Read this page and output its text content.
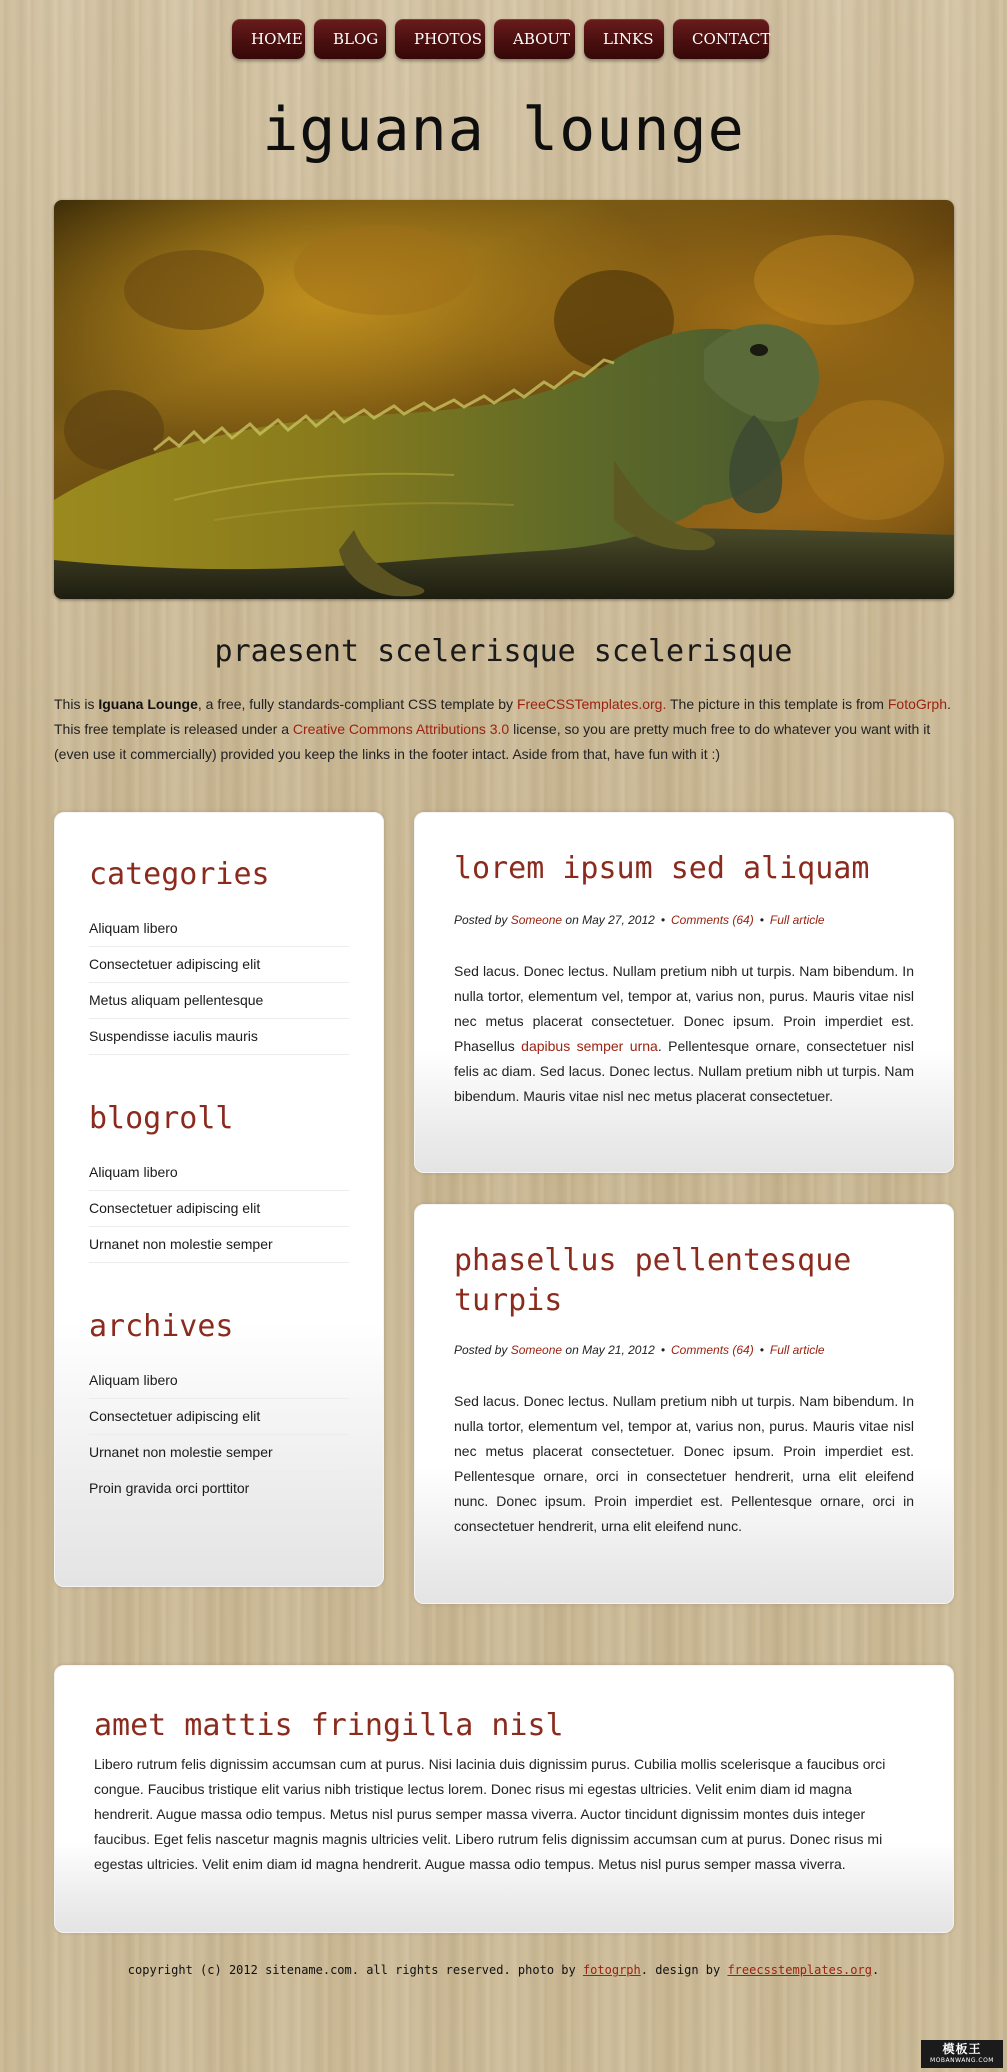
HOME	BLOG	PHOTOS	ABOUT	LINKS	CONTACT
iguana lounge
praesent scelerisque scelerisque
This is Iguana Lounge, a free, fully standards-compliant CSS template by FreeCSSTemplates.org. The picture in this template is from FotoGrph. This free template is released under a Creative Commons Attributions 3.0 license, so you are pretty much free to do whatever you want with it (even use it commercially) provided you keep the links in the footer intact. Aside from that, have fun with it :)
categories
Aliquam libero
Consectetuer adipiscing elit
Metus aliquam pellentesque
Suspendisse iaculis mauris
blogroll
Aliquam libero
Consectetuer adipiscing elit
Urnanet non molestie semper
archives
Aliquam libero
Consectetuer adipiscing elit
Urnanet non molestie semper
Proin gravida orci porttitor
lorem ipsum sed aliquam
Posted by Someone on May 27, 2012 • Comments (64) • Full article
Sed lacus. Donec lectus. Nullam pretium nibh ut turpis. Nam bibendum. In nulla tortor, elementum vel, tempor at, varius non, purus. Mauris vitae nisl nec metus placerat consectetuer. Donec ipsum. Proin imperdiet est. Phasellus dapibus semper urna. Pellentesque ornare, consectetuer nisl felis ac diam. Sed lacus. Donec lectus. Nullam pretium nibh ut turpis. Nam bibendum. Mauris vitae nisl nec metus placerat consectetuer.
phasellus pellentesque turpis
Posted by Someone on May 21, 2012 • Comments (64) • Full article
Sed lacus. Donec lectus. Nullam pretium nibh ut turpis. Nam bibendum. In nulla tortor, elementum vel, tempor at, varius non, purus. Mauris vitae nisl nec metus placerat consectetuer. Donec ipsum. Proin imperdiet est. Pellentesque ornare, orci in consectetuer hendrerit, urna elit eleifend nunc. Donec ipsum. Proin imperdiet est. Pellentesque ornare, orci in consectetuer hendrerit, urna elit eleifend nunc.
amet mattis fringilla nisl
Libero rutrum felis dignissim accumsan cum at purus. Nisi lacinia duis dignissim purus. Cubilia mollis scelerisque a faucibus orci congue. Faucibus tristique elit varius nibh tristique lectus lorem. Donec risus mi egestas ultricies. Velit enim diam id magna hendrerit. Augue massa odio tempus. Metus nisl purus semper massa viverra. Auctor tincidunt dignissim montes duis integer faucibus. Eget felis nascetur magnis magnis ultricies velit. Libero rutrum felis dignissim accumsan cum at purus. Donec risus mi egestas ultricies. Velit enim diam id magna hendrerit. Augue massa odio tempus. Metus nisl purus semper massa viverra.
copyright (c) 2012 sitename.com. all rights reserved. photo by fotogrph. design by freecsstemplates.org.
模板王
MOBANWANG.COM
